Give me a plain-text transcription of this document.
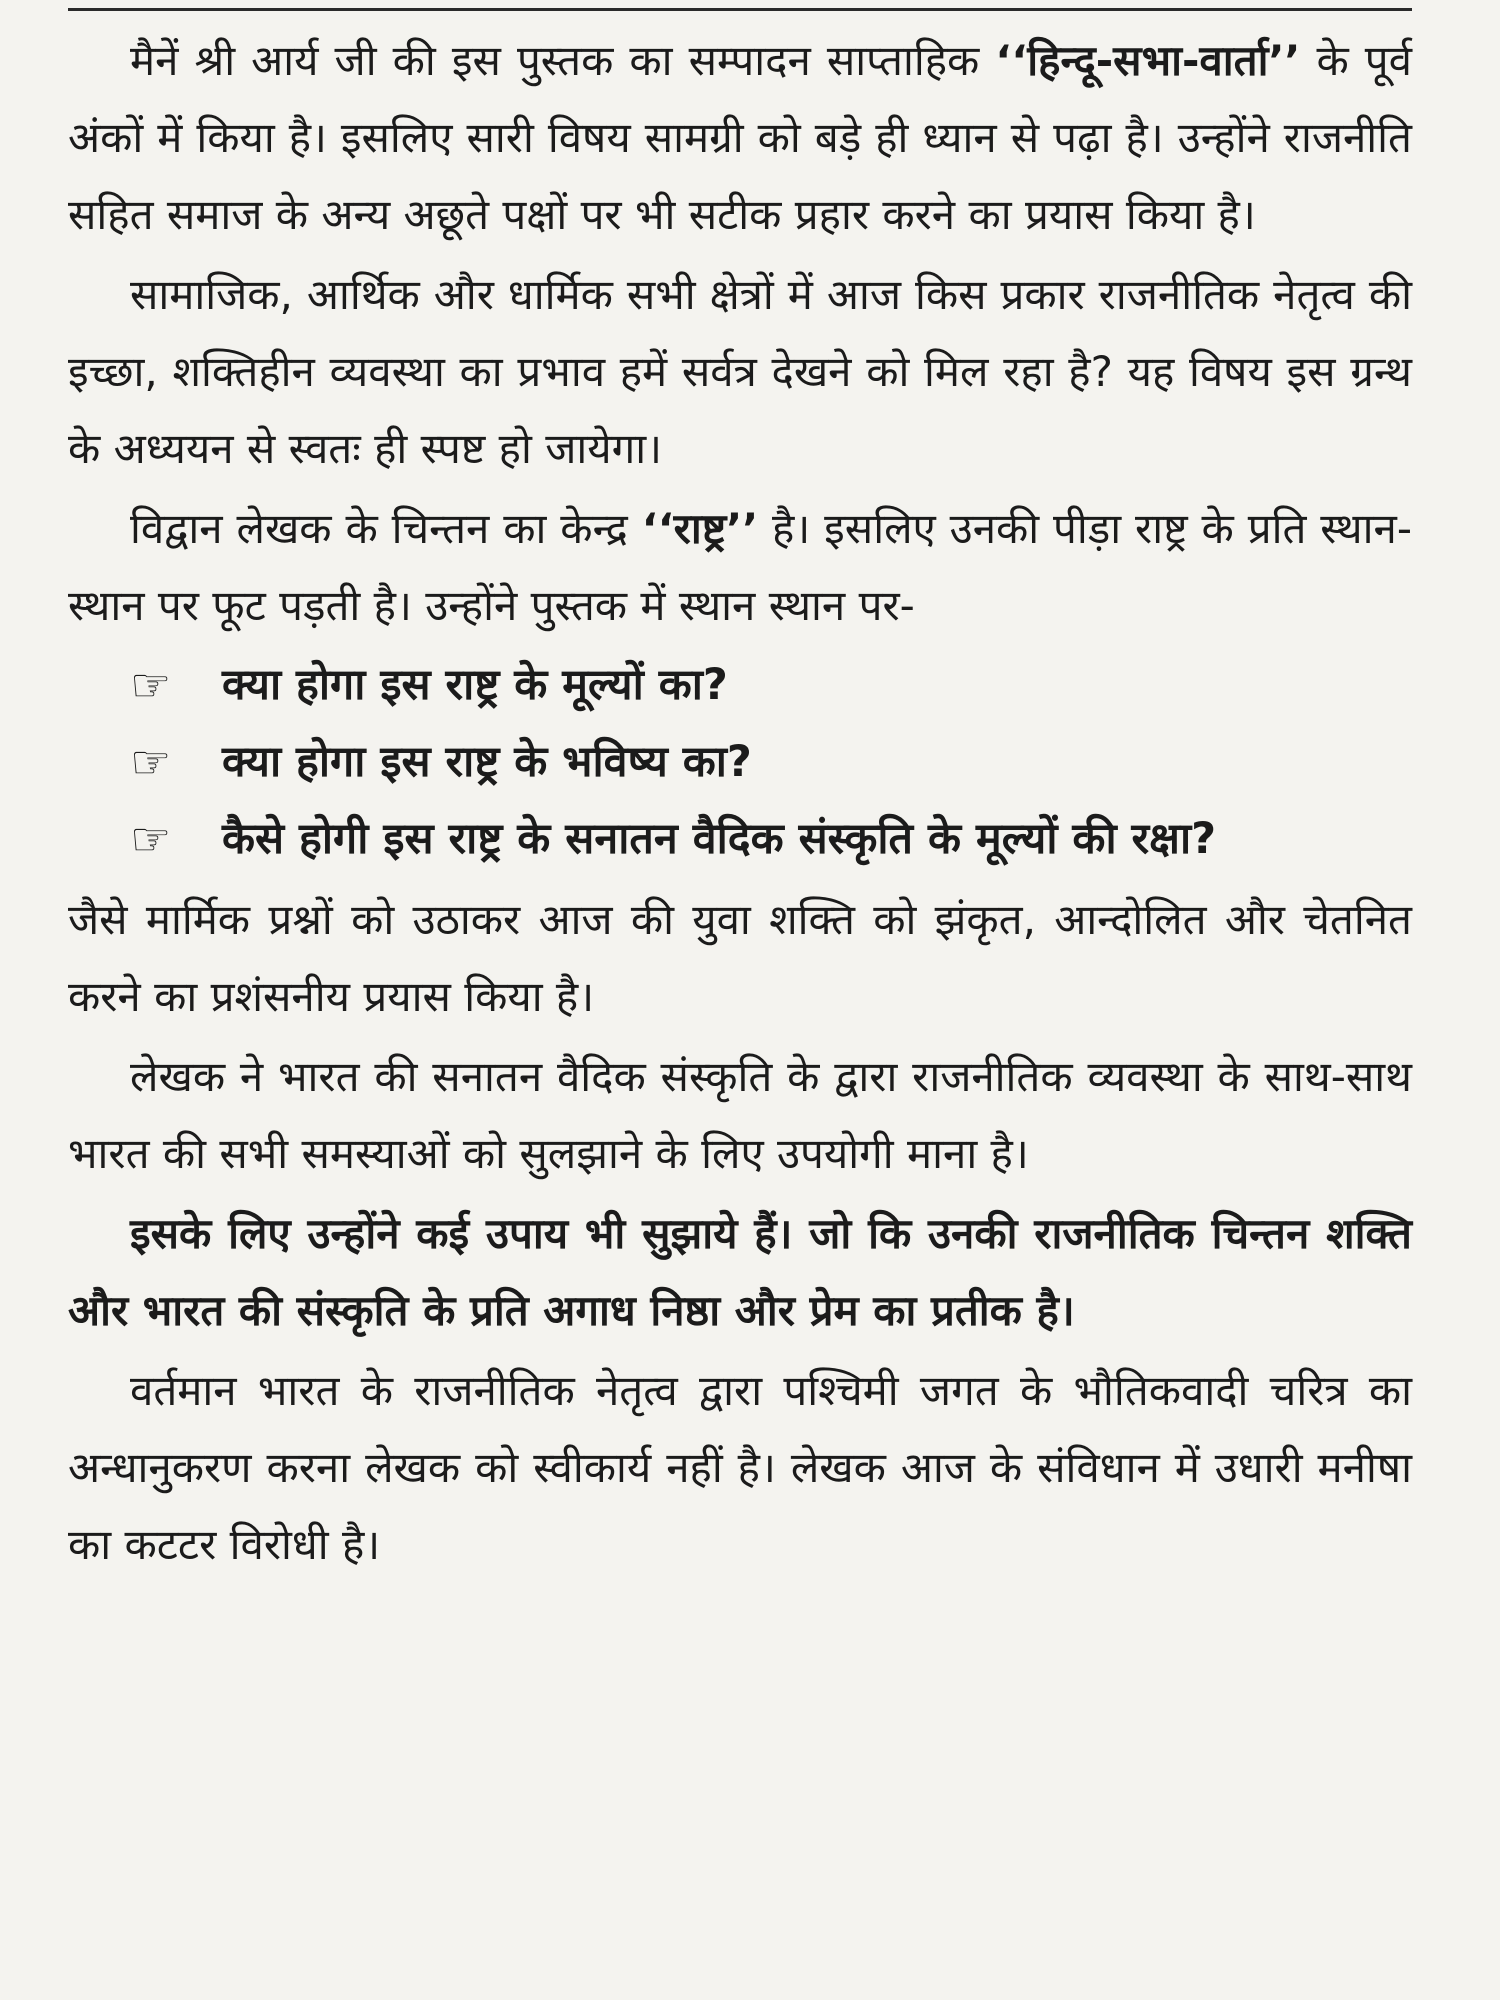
मैनें श्री आर्य जी की इस पुस्तक का सम्पादन साप्ताहिक ‘‘हिन्दू-सभा-वार्ता’’ के पूर्व अंकों में किया है। इसलिए सारी विषय सामग्री को बड़े ही ध्यान से पढ़ा है। उन्होंने राजनीति सहित समाज के अन्य अछूते पक्षों पर भी सटीक प्रहार करने का प्रयास किया है।

सामाजिक, आर्थिक और धार्मिक सभी क्षेत्रों में आज किस प्रकार राजनीतिक नेतृत्व की इच्छा, शक्तिहीन व्यवस्था का प्रभाव हमें सर्वत्र देखने को मिल रहा है? यह विषय इस ग्रन्थ के अध्ययन से स्वतः ही स्पष्ट हो जायेगा।

विद्वान लेखक के चिन्तन का केन्द्र ‘‘राष्ट्र’’ है। इसलिए उनकी पीड़ा राष्ट्र के प्रति स्थान-स्थान पर फूट पड़ती है। उन्होंने पुस्तक में स्थान स्थान पर-

☞	क्या होगा इस राष्ट्र के मूल्यों का?
☞	क्या होगा इस राष्ट्र के भविष्य का?
☞	कैसे होगी इस राष्ट्र के सनातन वैदिक संस्कृति के मूल्यों की रक्षा?

जैसे मार्मिक प्रश्नों को उठाकर आज की युवा शक्ति को झंकृत, आन्दोलित और चेतनित करने का प्रशंसनीय प्रयास किया है।

लेखक ने भारत की सनातन वैदिक संस्कृति के द्वारा राजनीतिक व्यवस्था के साथ-साथ भारत की सभी समस्याओं को सुलझाने के लिए उपयोगी माना है।

इसके लिए उन्होंने कई उपाय भी सुझाये हैं। जो कि उनकी राजनीतिक चिन्तन शक्ति और भारत की संस्कृति के प्रति अगाध निष्ठा और प्रेम का प्रतीक है।

वर्तमान भारत के राजनीतिक नेतृत्व द्वारा पश्चिमी जगत के भौतिकवादी चरित्र का अन्धानुकरण करना लेखक को स्वीकार्य नहीं है। लेखक आज के संविधान में उधारी मनीषा का कटटर विरोधी है।
